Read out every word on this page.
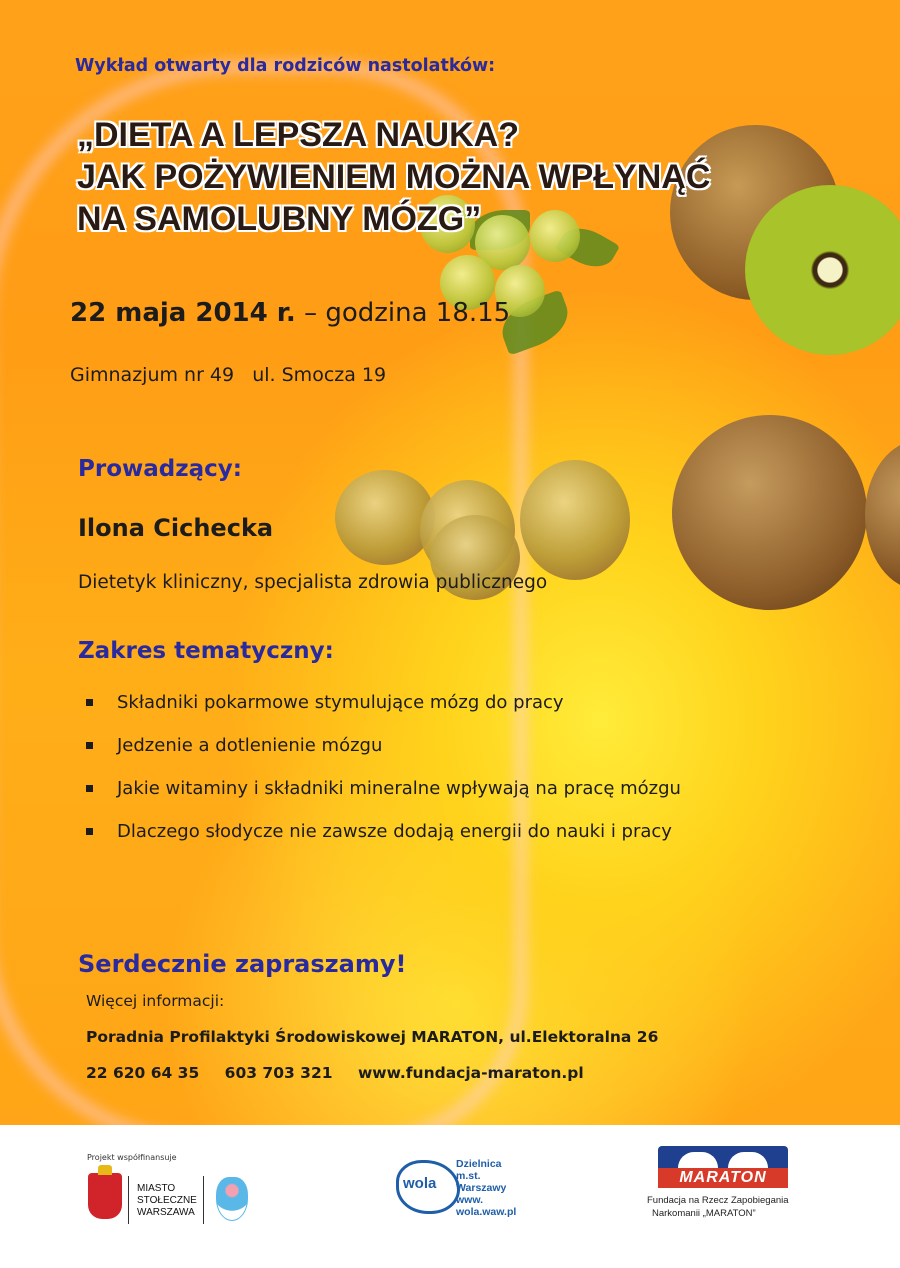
Wykład otwarty dla rodziców nastolatków:
„DIETA A LEPSZA NAUKA?
JAK POŻYWIENIEM MOŻNA WPŁYNĄĆ
NA SAMOLUBNY MÓZG”
22 maja 2014 r. – godzina 18.15
Gimnazjum nr 49   ul. Smocza 19
Prowadzący:
Ilona Cichecka
Dietetyk kliniczny, specjalista zdrowia publicznego
Zakres tematyczny:
Składniki pokarmowe stymulujące mózg do pracy
Jedzenie a dotlenienie mózgu
Jakie witaminy i składniki mineralne wpływają na pracę mózgu
Dlaczego słodycze nie zawsze dodają energii do nauki i pracy
Serdecznie zapraszamy!
Więcej informacji:
Poradnia Profilaktyki Środowiskowej MARATON, ul.Elektoralna 26
22 620 64 35 603 703 321 www.fundacja-maraton.pl
Projekt współfinansuje
MIASTO
STOŁECZNE
WARSZAWA
wola
Dzielnica
m.st.
Warszawy
www.
wola.waw.pl
MARATON
Fundacja na Rzecz Zapobiegania
Narkomanii „MARATON”
